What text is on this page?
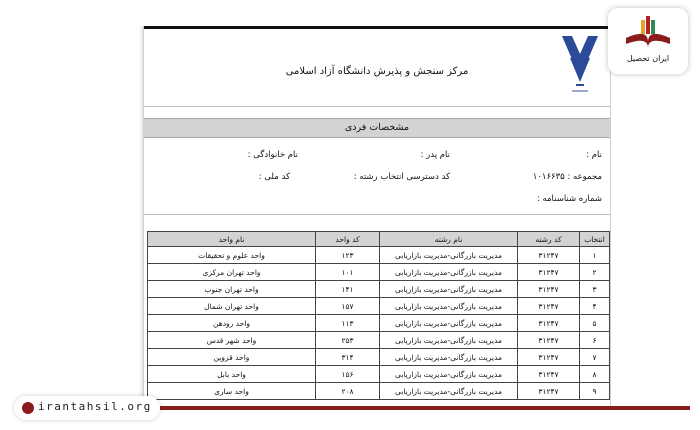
مرکز سنجش و پذیرش دانشگاه آزاد اسلامی
مشخصات فردی
نام :
نام پدر :
نام خانوادگی :
مجموعه : ۱۰۱۶۶۳۵
کد دسترسی انتخاب رشته :
کد ملی :
شماره شناسنامه :
انتخاب	کد رشته	نام رشته	کد واحد	نام واحد
۱	۳۱۲۴۷	مدیریت بازرگانی-مدیریت بازاریابی	۱۲۳	واحد علوم و تحقیقات
۲	۳۱۲۴۷	مدیریت بازرگانی-مدیریت بازاریابی	۱۰۱	واحد تهران مرکزی
۳	۳۱۲۴۷	مدیریت بازرگانی-مدیریت بازاریابی	۱۴۱	واحد تهران جنوب
۴	۳۱۲۴۷	مدیریت بازرگانی-مدیریت بازاریابی	۱۵۷	واحد تهران شمال
۵	۳۱۲۴۷	مدیریت بازرگانی-مدیریت بازاریابی	۱۱۳	واحد رودهن
۶	۳۱۲۴۷	مدیریت بازرگانی-مدیریت بازاریابی	۲۵۳	واحد شهر قدس
۷	۳۱۲۴۷	مدیریت بازرگانی-مدیریت بازاریابی	۳۱۴	واحد قزوین
۸	۳۱۲۴۷	مدیریت بازرگانی-مدیریت بازاریابی	۱۵۶	واحد بابل
۹	۳۱۲۴۷	مدیریت بازرگانی-مدیریت بازاریابی	۲۰۸	واحد ساری
ایران تحصیل
irantahsil.org
